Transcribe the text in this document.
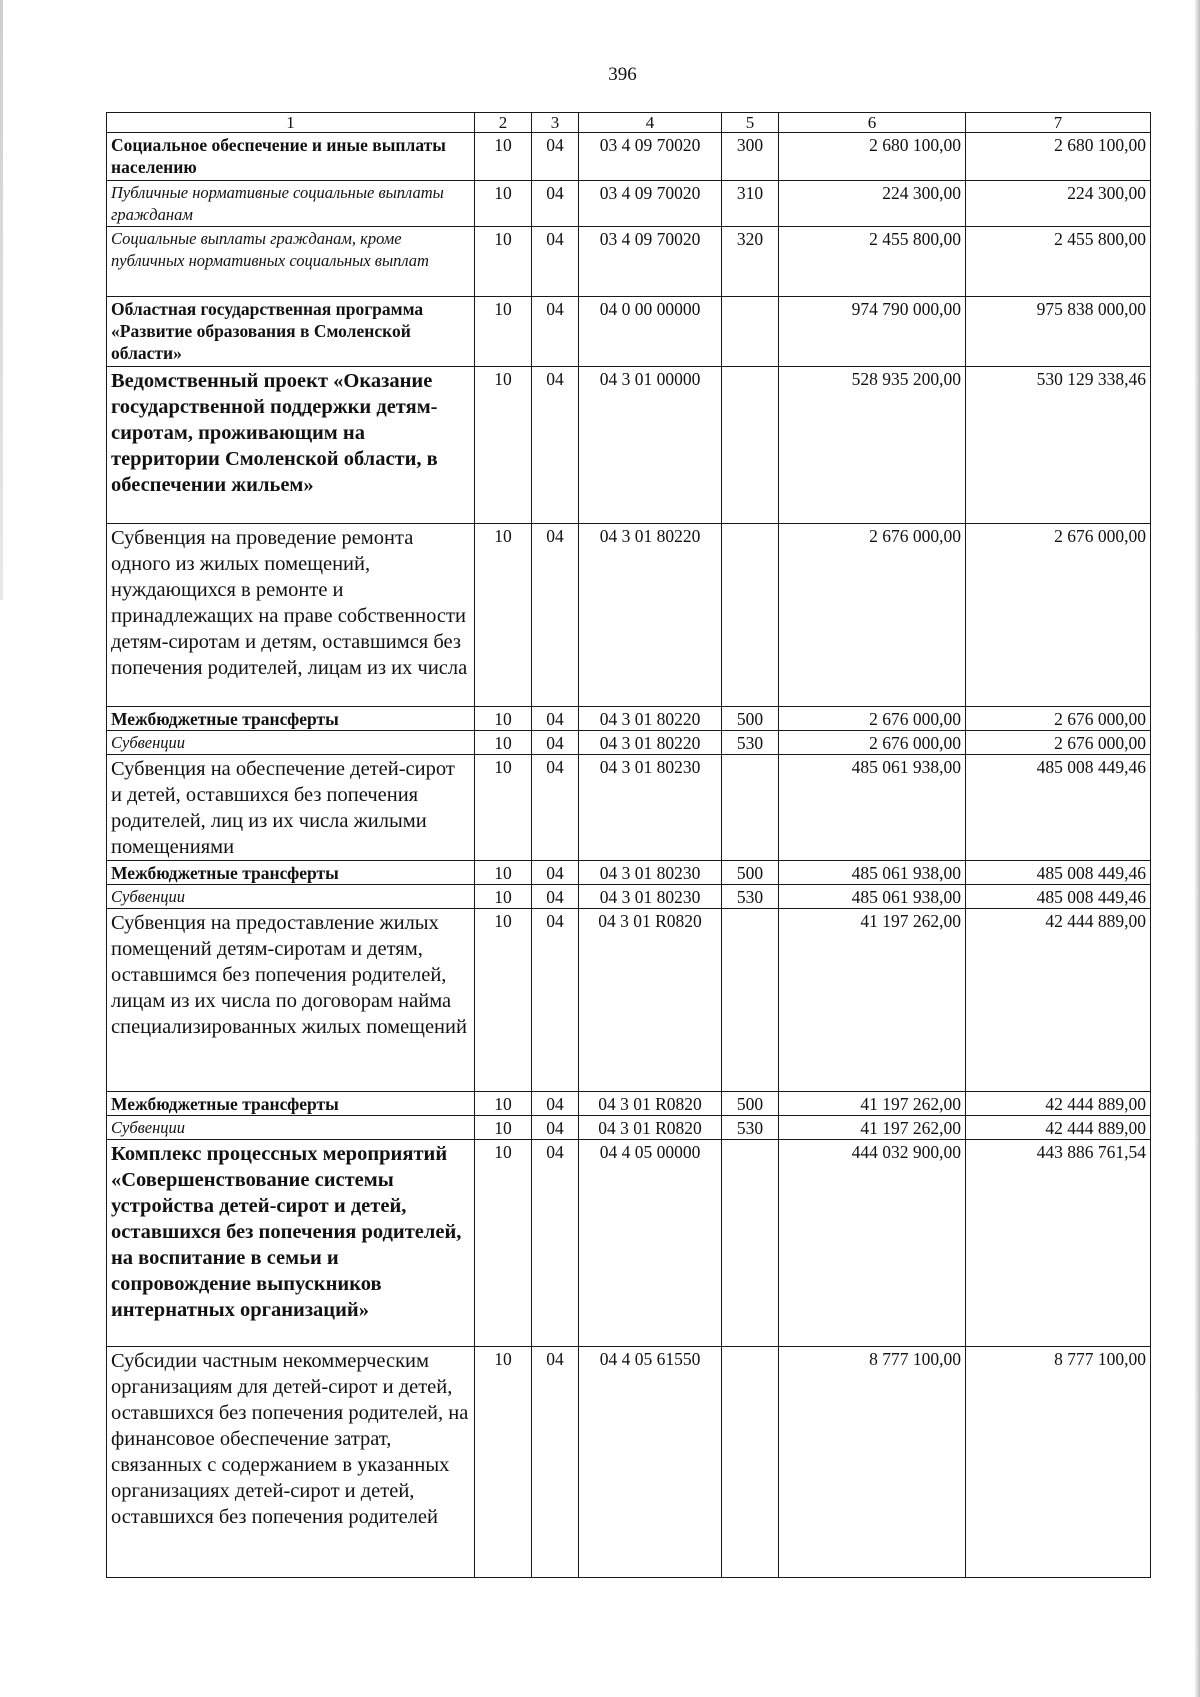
396
1	2	3	4	5	6	7
Социальное обеспечение и иные выплаты населению	10	04	03 4 09 70020	300	2 680 100,00	2 680 100,00
Публичные нормативные социальные выплаты гражданам	10	04	03 4 09 70020	310	224 300,00	224 300,00
Социальные выплаты гражданам, кроме публичных нормативных социальных выплат	10	04	03 4 09 70020	320	2 455 800,00	2 455 800,00
Областная государственная программа «Развитие образования в Смоленской области»	10	04	04 0 00 00000		974 790 000,00	975 838 000,00
Ведомственный проект «Оказание государственной поддержки детям-сиротам, проживающим на территории Смоленской области, в обеспечении жильем»	10	04	04 3 01 00000		528 935 200,00	530 129 338,46
Субвенция на проведение ремонта одного из жилых помещений, нуждающихся в ремонте и принадлежащих на праве собственности детям-сиротам и детям, оставшимся без попечения родителей, лицам из их числа	10	04	04 3 01 80220		2 676 000,00	2 676 000,00
Межбюджетные трансферты	10	04	04 3 01 80220	500	2 676 000,00	2 676 000,00
Субвенции	10	04	04 3 01 80220	530	2 676 000,00	2 676 000,00
Субвенция на обеспечение детей-сирот и детей, оставшихся без попечения родителей, лиц из их числа жилыми помещениями	10	04	04 3 01 80230		485 061 938,00	485 008 449,46
Межбюджетные трансферты	10	04	04 3 01 80230	500	485 061 938,00	485 008 449,46
Субвенции	10	04	04 3 01 80230	530	485 061 938,00	485 008 449,46
Субвенция на предоставление жилых помещений детям-сиротам и детям, оставшимся без попечения родителей, лицам из их числа по договорам найма специализированных жилых помещений	10	04	04 3 01 R0820		41 197 262,00	42 444 889,00
Межбюджетные трансферты	10	04	04 3 01 R0820	500	41 197 262,00	42 444 889,00
Субвенции	10	04	04 3 01 R0820	530	41 197 262,00	42 444 889,00
Комплекс процессных мероприятий «Совершенствование системы устройства детей-сирот и детей, оставшихся без попечения родителей, на воспитание в семьи и сопровождение выпускников интернатных организаций»	10	04	04 4 05 00000		444 032 900,00	443 886 761,54
Субсидии частным некоммерческим организациям для детей-сирот и детей, оставшихся без попечения родителей, на финансовое обеспечение затрат, связанных с содержанием в указанных организациях детей-сирот и детей, оставшихся без попечения родителей	10	04	04 4 05 61550		8 777 100,00	8 777 100,00
